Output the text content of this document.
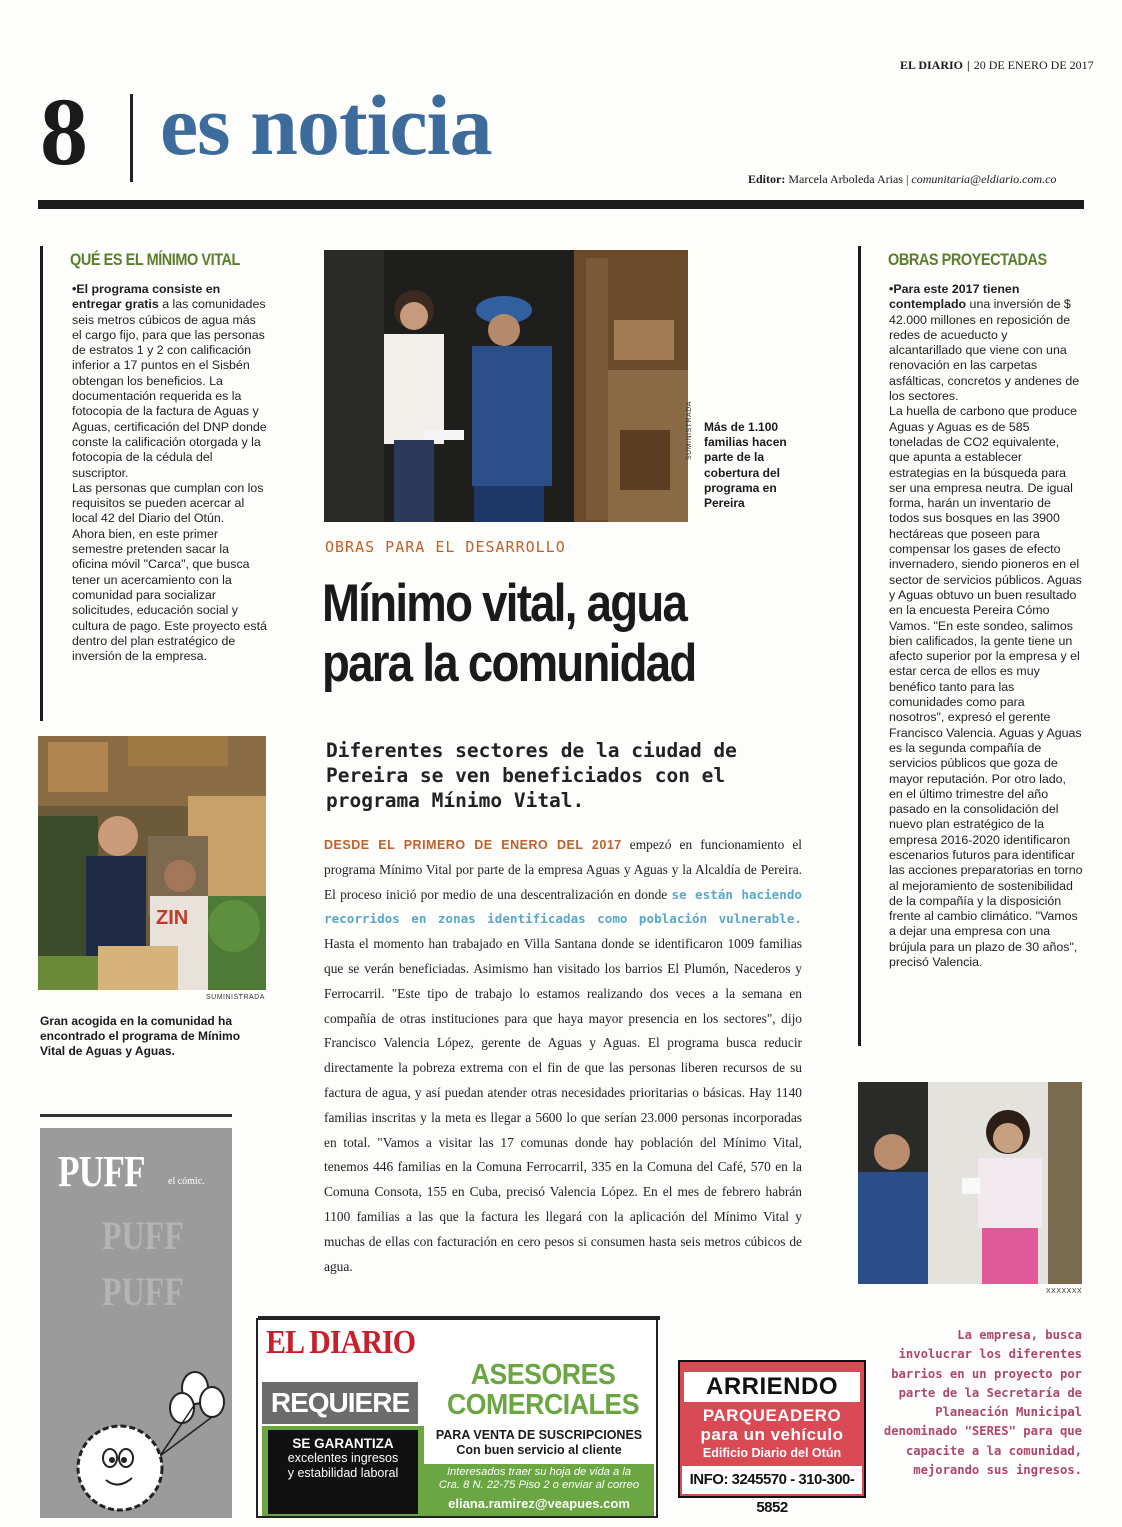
EL DIARIO | 20 DE ENERO DE 2017
8 es noticia
Editor: Marcela Arboleda Arias | comunitaria@eldiario.com.co
QUÉ ES EL MÍNIMO VITAL

•El programa consiste en entregar gratis a las comunidades seis metros cúbicos de agua más el cargo fijo, para que las personas de estratos 1 y 2 con calificación inferior a 17 puntos en el Sisbén obtengan los beneficios. La documentación requerida es la fotocopia de la factura de Aguas y Aguas, certificación del DNP donde conste la calificación otorgada y la fotocopia de la cédula del suscriptor.

Las personas que cumplan con los requisitos se pueden acercar al local 42 del Diario del Otún.

Ahora bien, en este primer semestre pretenden sacar la oficina móvil "Carca", que busca tener un acercamiento con la comunidad para socializar solicitudes, educación social y cultura de pago. Este proyecto está dentro del plan estratégico de inversión de la empresa.

ZIN
SUMINISTRADA
Gran acogida en la comunidad ha encontrado el programa de Mínimo Vital de Aguas y Aguas.
SUMINISTRADA Más de 1.100 familias hacen parte de la cobertura del programa en Pereira
OBRAS PARA EL DESARROLLO
Mínimo vital, agua
para la comunidad
Diferentes sectores de la ciudad de Pereira se ven beneficiados con el programa Mínimo Vital.
DESDE EL PRIMERO DE ENERO DEL 2017 empezó en funcionamiento el programa Mínimo Vital por parte de la empresa Aguas y Aguas y la Alcaldía de Pereira. El proceso inició por medio de una descentralización en donde se están haciendo recorridos en zonas identificadas como población vulnerable. Hasta el momento han trabajado en Villa Santana donde se identificaron 1009 familias que se verán beneficiadas. Asimismo han visitado los barrios El Plumón, Nacederos y Ferrocarril. "Este tipo de trabajo lo estamos realizando dos veces a la semana en compañía de otras instituciones para que haya mayor presencia en los sectores", dijo Francisco Valencia López, gerente de Aguas y Aguas. El programa busca reducir directamente la pobreza extrema con el fin de que las personas liberen recursos de su factura de agua, y así puedan atender otras necesidades prioritarias o básicas. Hay 1140 familias inscritas y la meta es llegar a 5600 lo que serían 23.000 personas incorporadas en total. "Vamos a visitar las 17 comunas donde hay población del Mínimo Vital, tenemos 446 familias en la Comuna Ferrocarril, 335 en la Comuna del Café, 570 en la Comuna Consota, 155 en Cuba, precisó Valencia López. En el mes de febrero habrán 1100 familias a las que la factura les llegará con la aplicación del Mínimo Vital y muchas de ellas con facturación en cero pesos si consumen hasta seis metros cúbicos de agua.
OBRAS PROYECTADAS

•Para este 2017 tienen contemplado una inversión de $ 42.000 millones en reposición de redes de acueducto y alcantarillado que viene con una renovación en las carpetas asfálticas, concretos y andenes de los sectores.

La huella de carbono que produce Aguas y Aguas es de 585 toneladas de CO2 equivalente, que apunta a establecer estrategias en la búsqueda para ser una empresa neutra. De igual forma, harán un inventario de todos sus bosques en las 3900 hectáreas que poseen para compensar los gases de efecto invernadero, siendo pioneros en el sector de servicios públicos. Aguas y Aguas obtuvo un buen resultado en la encuesta Pereira Cómo Vamos. "En este sondeo, salimos bien calificados, la gente tiene un afecto superior por la empresa y el estar cerca de ellos es muy benéfico tanto para las comunidades como para nosotros", expresó el gerente Francisco Valencia. Aguas y Aguas es la segunda compañía de servicios públicos que goza de mayor reputación. Por otro lado, en el último trimestre del año pasado en la consolidación del nuevo plan estratégico de la empresa 2016-2020 identificaron escenarios futuros para identificar las acciones preparatorias en torno al mejoramiento de sostenibilidad de la compañía y la disposición frente al cambio climático. "Vamos a dejar una empresa con una brújula para un plazo de 30 años", precisó Valencia.

XXXXXXX
La empresa, busca involucrar los diferentes barrios en un proyecto por parte de la Secretaría de Planeación Municipal denominado "SERES" para que capacite a la comunidad, mejorando sus ingresos.
PUFF el cómic.
PUFF
PUFF
EL DIARIO
REQUIERE
ASESORES
COMERCIALES
SE GARANTIZA
excelentes ingresos
y estabilidad laboral
PARA VENTA DE SUSCRIPCIONES
Con buen servicio al cliente
Interesados traer su hoja de vida a la
Cra. 8 N. 22-75 Piso 2 o enviar al correo
eliana.ramirez@veapues.com
ARRIENDO
PARQUEADERO
para un vehículo
Edificio Diario del Otún
INFO: 3245570 - 310-300-5852
